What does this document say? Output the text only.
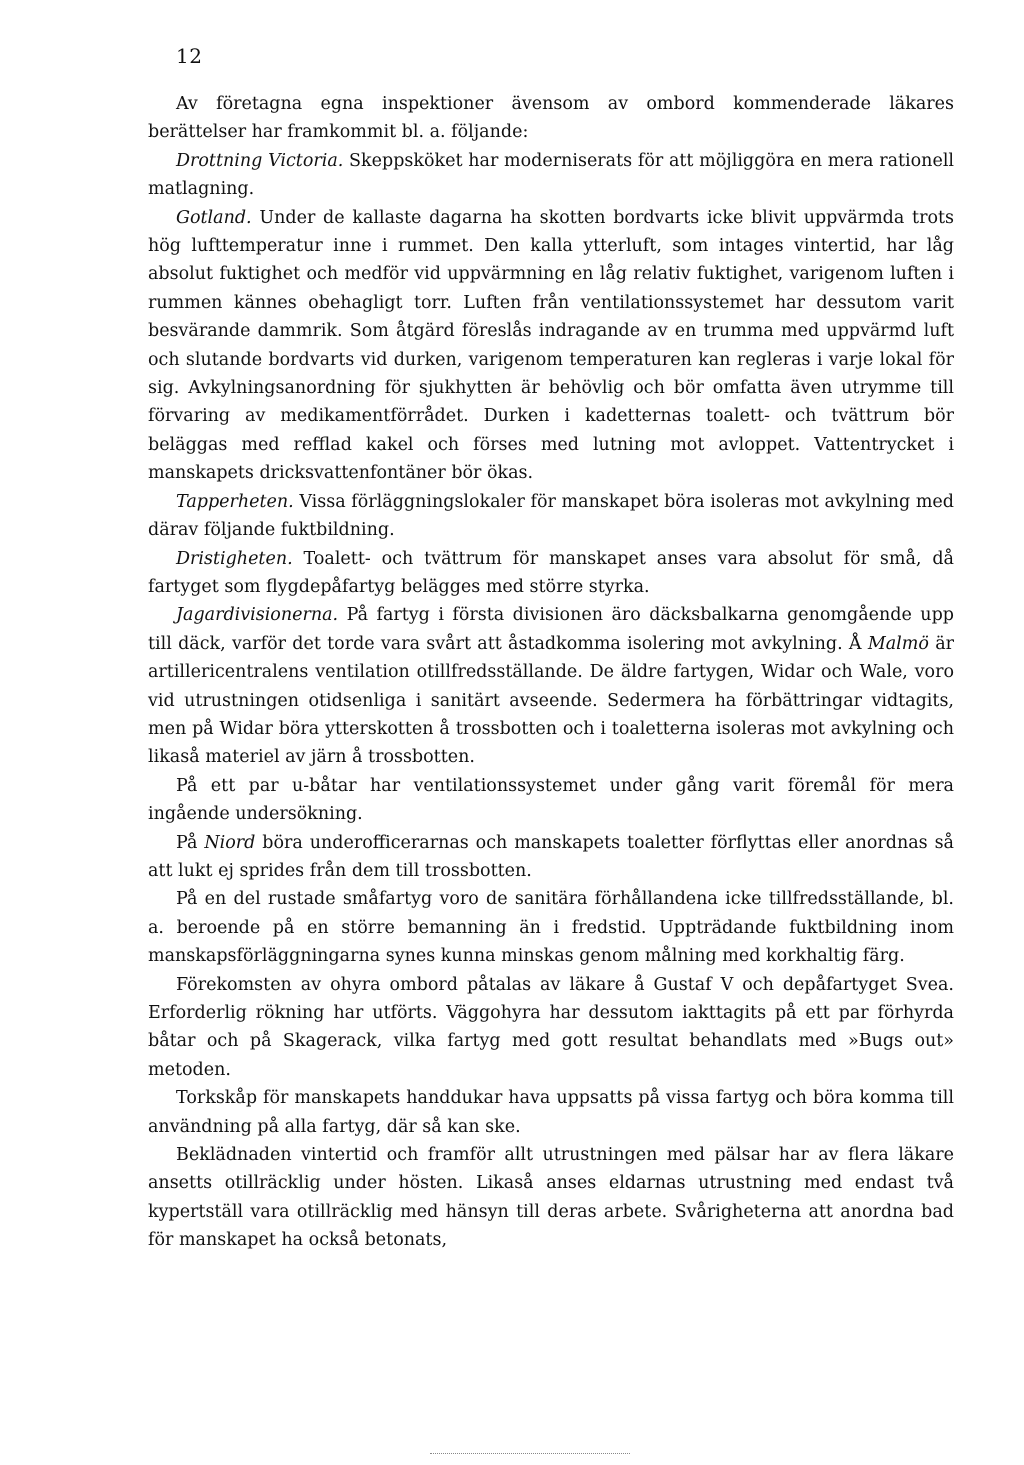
12

Av företagna egna inspektioner ävensom av ombord kommenderade läkares berättelser har framkommit bl. a. följande:

Drottning Victoria. Skeppsköket har moderniserats för att möjliggöra en mera rationell matlagning.

Gotland. Under de kallaste dagarna ha skotten bordvarts icke blivit uppvärmda trots hög lufttemperatur inne i rummet. Den kalla ytterluft, som intages vintertid, har låg absolut fuktighet och medför vid uppvärmning en låg relativ fuktighet, varigenom luften i rummen kännes obehagligt torr. Luften från ventilationssystemet har dessutom varit besvärande dammrik. Som åtgärd föreslås indragande av en trumma med uppvärmd luft och slutande bordvarts vid durken, varigenom temperaturen kan regleras i varje lokal för sig. Avkylningsanordning för sjukhytten är behövlig och bör omfatta även utrymme till förvaring av medikamentförrådet. Durken i kadetternas toalett- och tvättrum bör beläggas med refflad kakel och förses med lutning mot avloppet. Vattentrycket i manskapets dricksvattenfontäner bör ökas.

Tapperheten. Vissa förläggningslokaler för manskapet böra isoleras mot avkylning med därav följande fuktbildning.

Dristigheten. Toalett- och tvättrum för manskapet anses vara absolut för små, då fartyget som flygdepåfartyg belägges med större styrka.

Jagardivisionerna. På fartyg i första divisionen äro däcksbalkarna genomgående upp till däck, varför det torde vara svårt att åstadkomma isolering mot avkylning. Å Malmö är artillericentralens ventilation otillfredsställande. De äldre fartygen, Widar och Wale, voro vid utrustningen otidsenliga i sanitärt avseende. Sedermera ha förbättringar vidtagits, men på Widar böra ytterskotten å trossbotten och i toaletterna isoleras mot avkylning och likaså materiel av järn å trossbotten.

På ett par u-båtar har ventilationssystemet under gång varit föremål för mera ingående undersökning.

På Niord böra underofficerarnas och manskapets toaletter förflyttas eller anordnas så att lukt ej sprides från dem till trossbotten.

På en del rustade småfartyg voro de sanitära förhållandena icke tillfredsställande, bl. a. beroende på en större bemanning än i fredstid. Uppträdande fuktbildning inom manskapsförläggningarna synes kunna minskas genom målning med korkhaltig färg.

Förekomsten av ohyra ombord påtalas av läkare å Gustaf V och depåfartyget Svea. Erforderlig rökning har utförts. Väggohyra har dessutom iakttagits på ett par förhyrda båtar och på Skagerack, vilka fartyg med gott resultat behandlats med »Bugs out» metoden.

Torkskåp för manskapets handdukar hava uppsatts på vissa fartyg och böra komma till användning på alla fartyg, där så kan ske.

Beklädnaden vintertid och framför allt utrustningen med pälsar har av flera läkare ansetts otillräcklig under hösten. Likaså anses eldarnas utrustning med endast två kypertställ vara otillräcklig med hänsyn till deras arbete. Svårigheterna att anordna bad för manskapet ha också betonats,
